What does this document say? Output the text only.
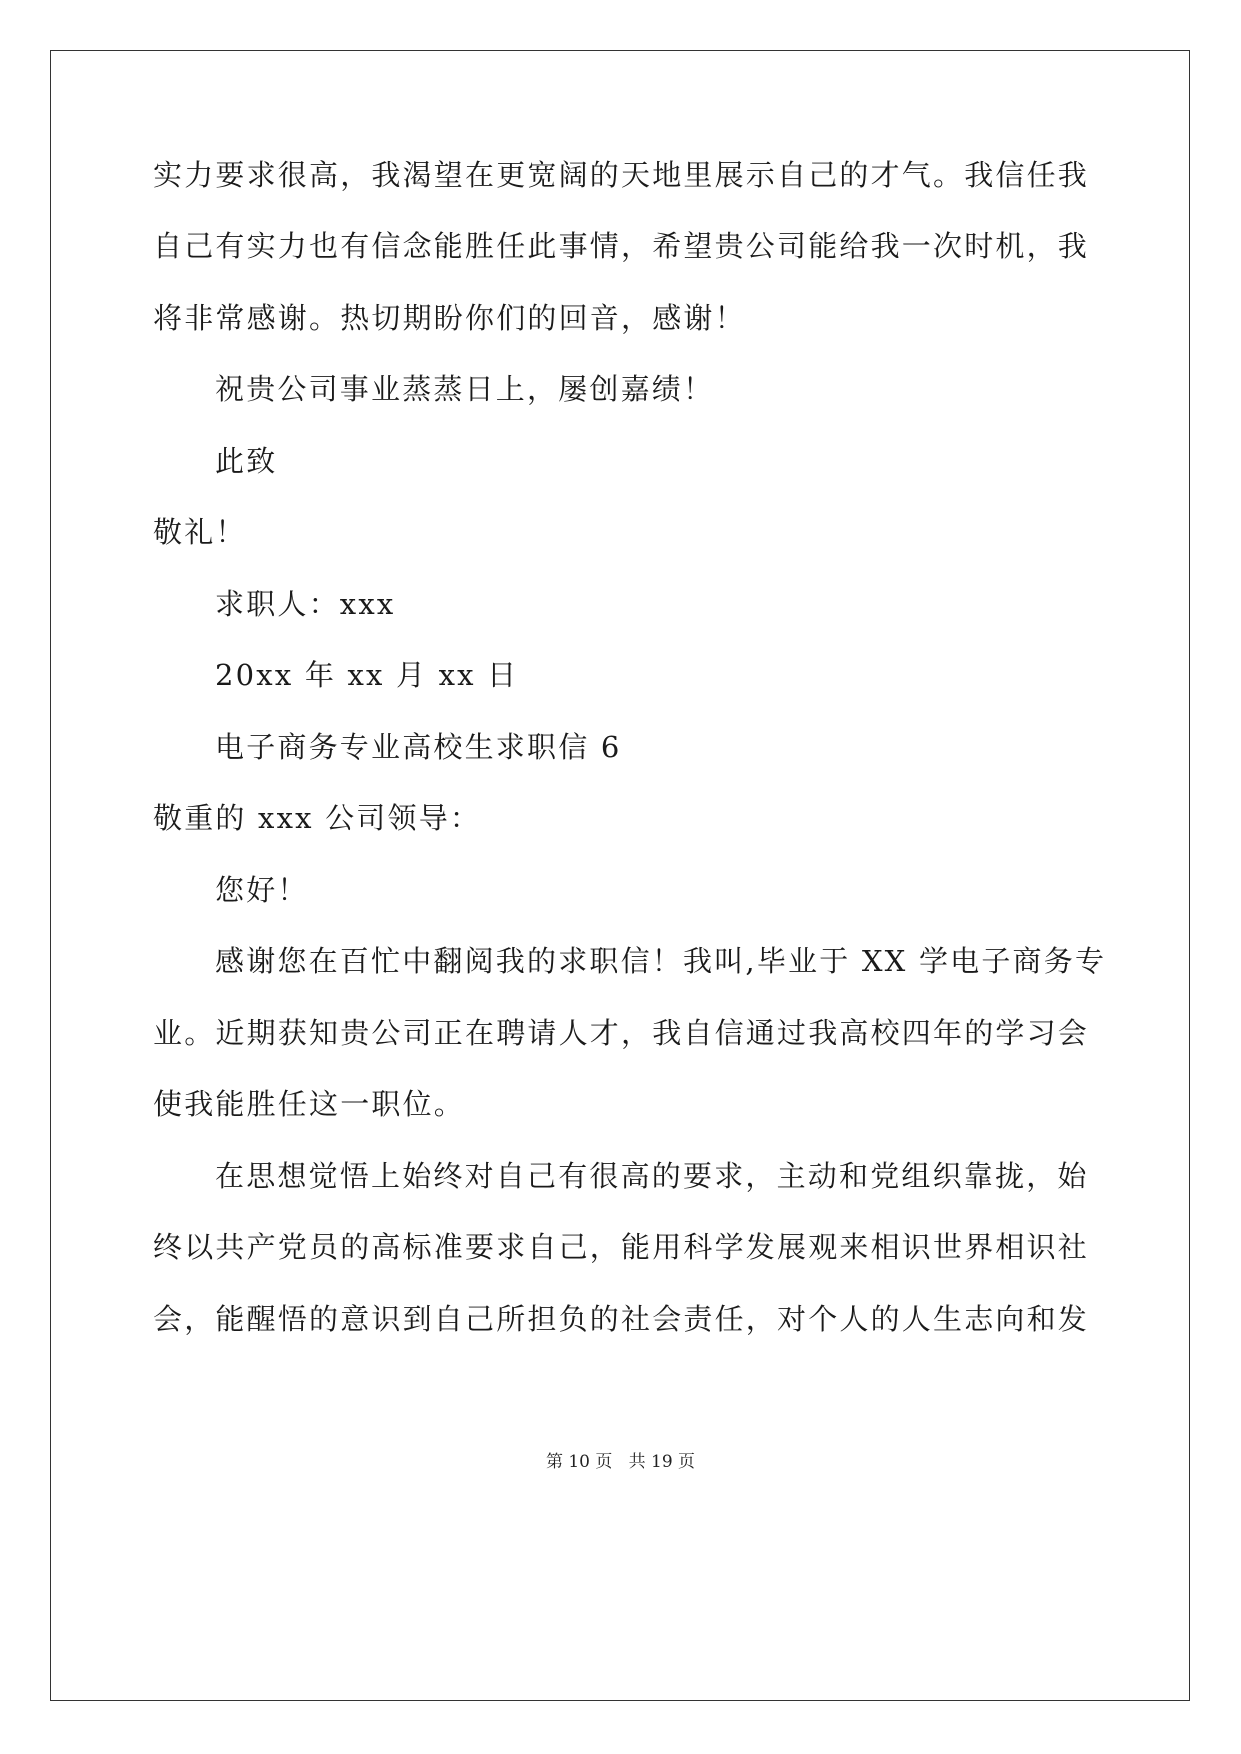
实力要求很高，我渴望在更宽阔的天地里展示自己的才气。我信任我
自己有实力也有信念能胜任此事情，希望贵公司能给我一次时机，我
将非常感谢。热切期盼你们的回音，感谢！
祝贵公司事业蒸蒸日上，屡创嘉绩！
此致
敬礼！
求职人：xxx
20xx 年 xx 月 xx 日
电子商务专业高校生求职信 6
敬重的 xxx 公司领导：
您好！
感谢您在百忙中翻阅我的求职信！我叫,毕业于 XX 学电子商务专
业。近期获知贵公司正在聘请人才，我自信通过我高校四年的学习会
使我能胜任这一职位。
在思想觉悟上始终对自己有很高的要求，主动和党组织靠拢，始
终以共产党员的高标准要求自己，能用科学发展观来相识世界相识社
会，能醒悟的意识到自己所担负的社会责任，对个人的人生志向和发
第 10 页 共 19 页
